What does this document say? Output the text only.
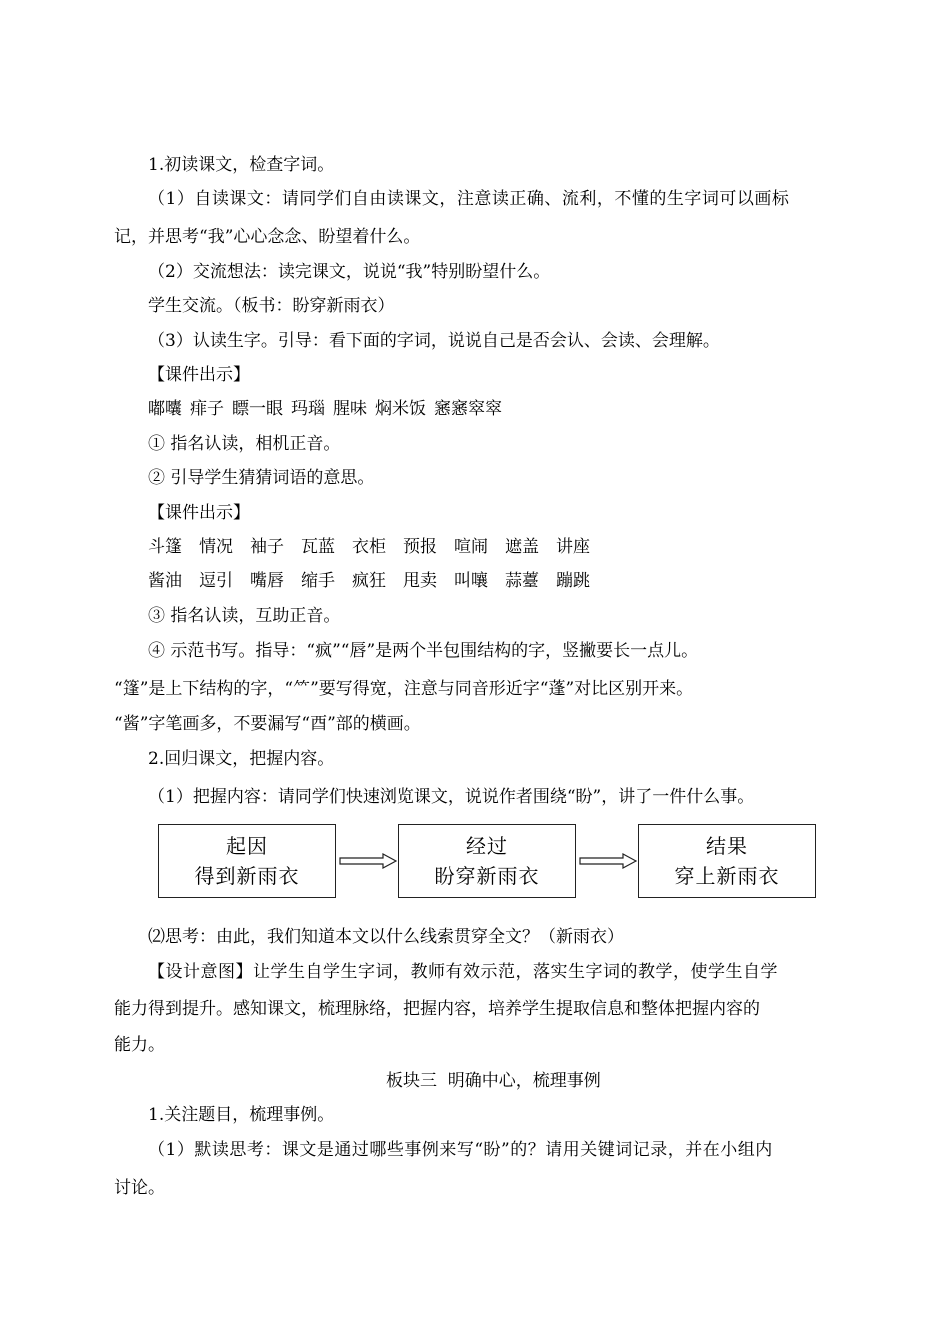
1.初读课文，检查字词。
（1）自读课文：请同学们自由读课文，注意读正确、流利，不懂的生字词可以画标
记，并思考“我”心心念念、盼望着什么。
（2）交流想法：读完课文，说说“我”特别盼望什么。
学生交流。（板书：盼穿新雨衣）
（3）认读生字。引导：看下面的字词，说说自己是否会认、会读、会理解。
【课件出示】
嘟囔 痱子 瞟一眼 玛瑙 腥味 焖米饭 窸窸窣窣
① 指名认读，相机正音。
② 引导学生猜猜词语的意思。
【课件出示】
斗篷 情况 袖子 瓦蓝 衣柜 预报 喧闹 遮盖 讲座
酱油 逗引 嘴唇 缩手 疯狂 甩卖 叫嚷 蒜薹 蹦跳
③ 指名认读，互助正音。
④ 示范书写。指导：“疯”“唇”是两个半包围结构的字，竖撇要长一点儿。
“篷”是上下结构的字，“⺮”要写得宽，注意与同音形近字“蓬”对比区别开来。
“酱”字笔画多，不要漏写“酉”部的横画。
2.回归课文，把握内容。
（1）把握内容：请同学们快速浏览课文，说说作者围绕“盼”，讲了一件什么事。
起因
得到新雨衣
经过
盼穿新雨衣
结果
穿上新雨衣
⑵思考：由此，我们知道本文以什么线索贯穿全文？（新雨衣）
【设计意图】让学生自学生字词，教师有效示范，落实生字词的教学，使学生自学
能力得到提升。感知课文，梳理脉络，把握内容，培养学生提取信息和整体把握内容的
能力。
板块三  明确中心，梳理事例
1.关注题目，梳理事例。
（1）默读思考：课文是通过哪些事例来写“盼”的？请用关键词记录，并在小组内
讨论。
